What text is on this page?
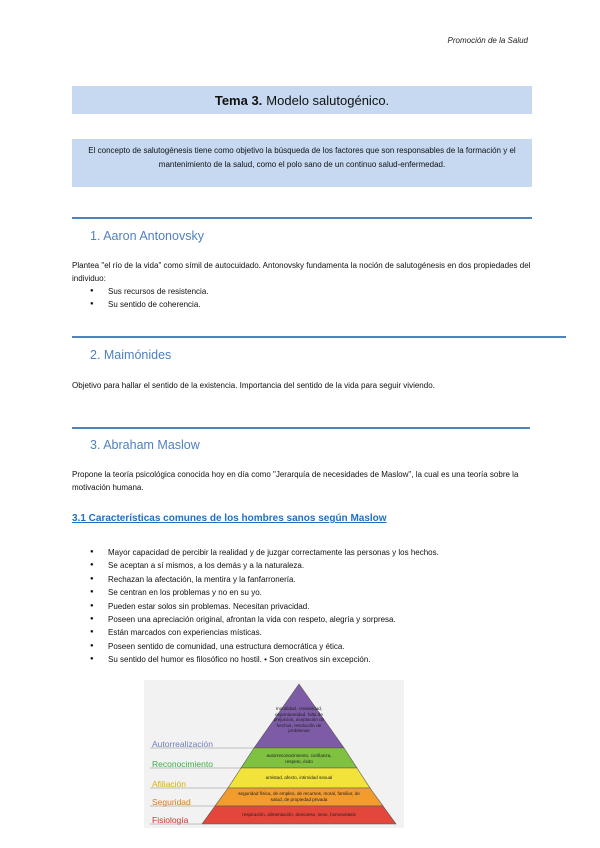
Promoción de la Salud
Tema 3. Modelo salutogénico.
El concepto de salutogénesis tiene como objetivo la búsqueda de los factores que son responsables de la formación y el mantenimiento de la salud, como el polo sano de un continuo salud-enfermedad.
1. Aaron Antonovsky
Plantea "el río de la vida" como símil de autocuidado. Antonovsky fundamenta la noción de salutogénesis en dos propiedades del individuo:
● Sus recursos de resistencia.
● Su sentido de coherencia.
2. Maimónides
Objetivo para hallar el sentido de la existencia. Importancia del sentido de la vida para seguir viviendo.
3. Abraham Maslow
Propone la teoría psicológica conocida hoy en día como "Jerarquía de necesidades de Maslow", la cual es una teoría sobre la motivación humana.
3.1 Características comunes de los hombres sanos según Maslow
● Mayor capacidad de percibir la realidad y de juzgar correctamente las personas y los hechos.
● Se aceptan a sí mismos, a los demás y a la naturaleza.
● Rechazan la afectación, la mentira y la fanfarronería.
● Se centran en los problemas y no en su yo.
● Pueden estar solos sin problemas. Necesitan privacidad.
● Poseen una apreciación original, afrontan la vida con respeto, alegría y sorpresa.
● Están marcados con experiencias místicas.
● Poseen sentido de comunidad, una estructura democrática y ética.
● Su sentido del humor es filosófico no hostil. • Son creativos sin excepción.
Autorrealización
Reconocimiento
Afiliación
Seguridad
Fisiología
moralidad, creatividad, espontaneidad, falta de prejuicios, aceptación de hechos, resolución de problemas
autorreconocimiento, confianza, respeto, éxito
amistad, afecto, intimidad sexual
seguridad física, de empleo, de recursos, moral, familiar, de salud, de propiedad privada
respiración, alimentación, descanso, sexo, homeostasis
